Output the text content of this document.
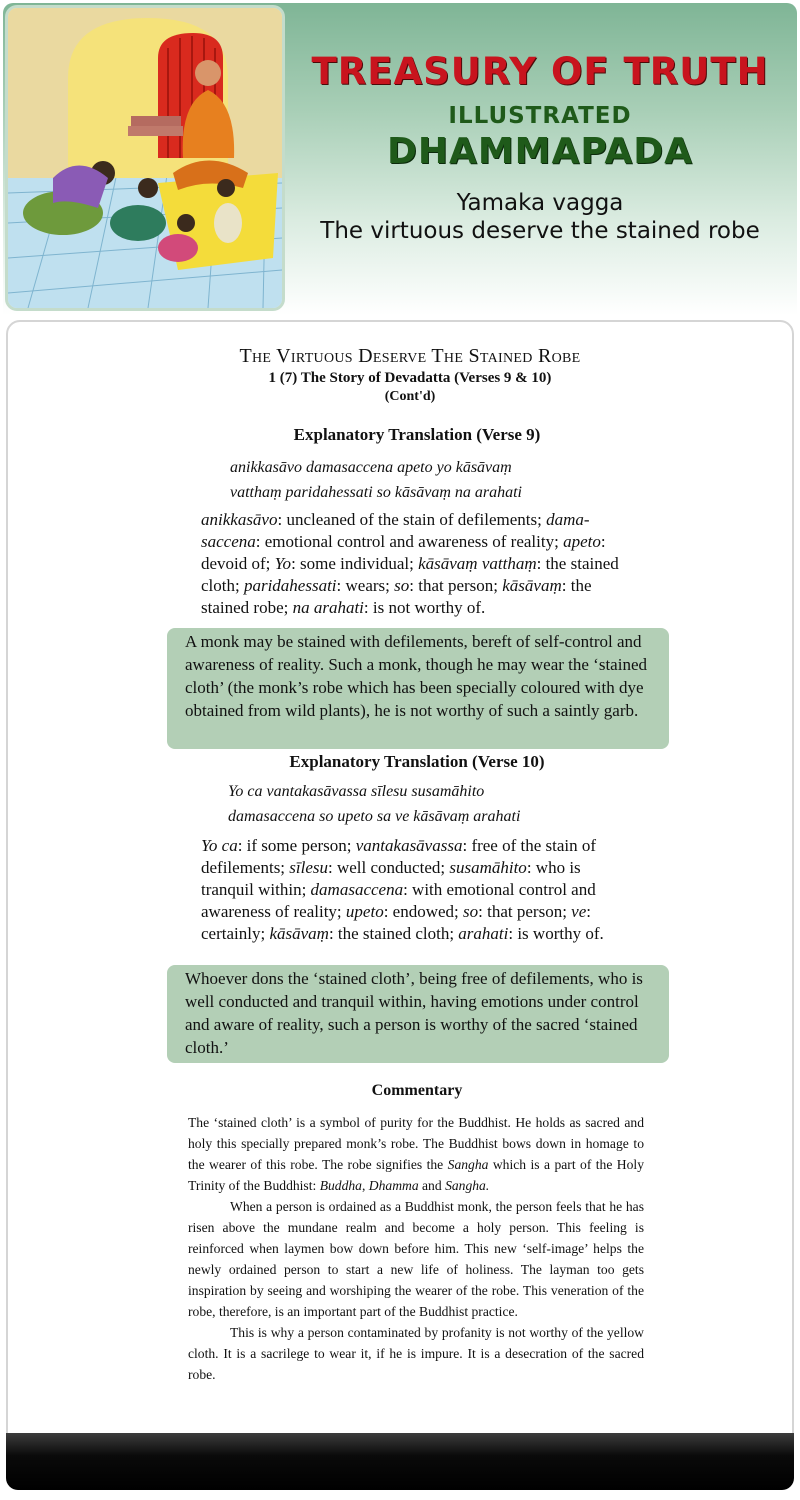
TREASURY OF TRUTH
ILLUSTRATED
DHAMMAPADA
Yamaka vagga
The virtuous deserve the stained robe
The Virtuous Deserve The Stained Robe
1 (7) The Story of Devadatta (Verses 9 & 10)
(Cont'd)
Explanatory Translation (Verse 9)
anikkasāvo damasaccena apeto yo kāsāvaṃ
vatthaṃ paridahessati so kāsāvaṃ na arahati
anikkasāvo: uncleaned of the stain of defilements; dama-saccena: emotional control and awareness of reality; apeto: devoid of; Yo: some individual; kāsāvaṃ vatthaṃ: the stained cloth; paridahessati: wears; so: that person; kāsāvaṃ: the stained robe; na arahati: is not worthy of.
A monk may be stained with defilements, bereft of self-control and awareness of reality. Such a monk, though he may wear the ‘stained cloth’ (the monk’s robe which has been specially coloured with dye obtained from wild plants), he is not worthy of such a saintly garb.
Explanatory Translation (Verse 10)
Yo ca vantakasāvassa sīlesu susamāhito
damasaccena so upeto sa ve kāsāvaṃ arahati
Yo ca: if some person; vantakasāvassa: free of the stain of defilements; sīlesu: well conducted; susamāhito: who is tranquil within; damasaccena: with emotional control and awareness of reality; upeto: endowed; so: that person; ve: certainly; kāsāvaṃ: the stained cloth; arahati: is worthy of.
Whoever dons the ‘stained cloth’, being free of defilements, who is well conducted and tranquil within, having emotions under control and aware of reality, such a person is worthy of the sacred ‘stained cloth.’
Commentary

The ‘stained cloth’ is a symbol of purity for the Buddhist. He holds as sacred and holy this specially prepared monk’s robe. The Buddhist bows down in homage to the wearer of this robe. The robe signifies the Sangha which is a part of the Holy Trinity of the Buddhist: Buddha, Dhamma and Sangha.

When a person is ordained as a Buddhist monk, the person feels that he has risen above the mundane realm and become a holy person. This feeling is reinforced when laymen bow down before him. This new ‘self-image’ helps the newly ordained person to start a new life of holiness. The layman too gets inspiration by seeing and worshiping the wearer of the robe. This veneration of the robe, therefore, is an important part of the Buddhist practice.

This is why a person contaminated by profanity is not worthy of the yellow cloth. It is a sacrilege to wear it, if he is impure. It is a desecration of the sacred robe.
